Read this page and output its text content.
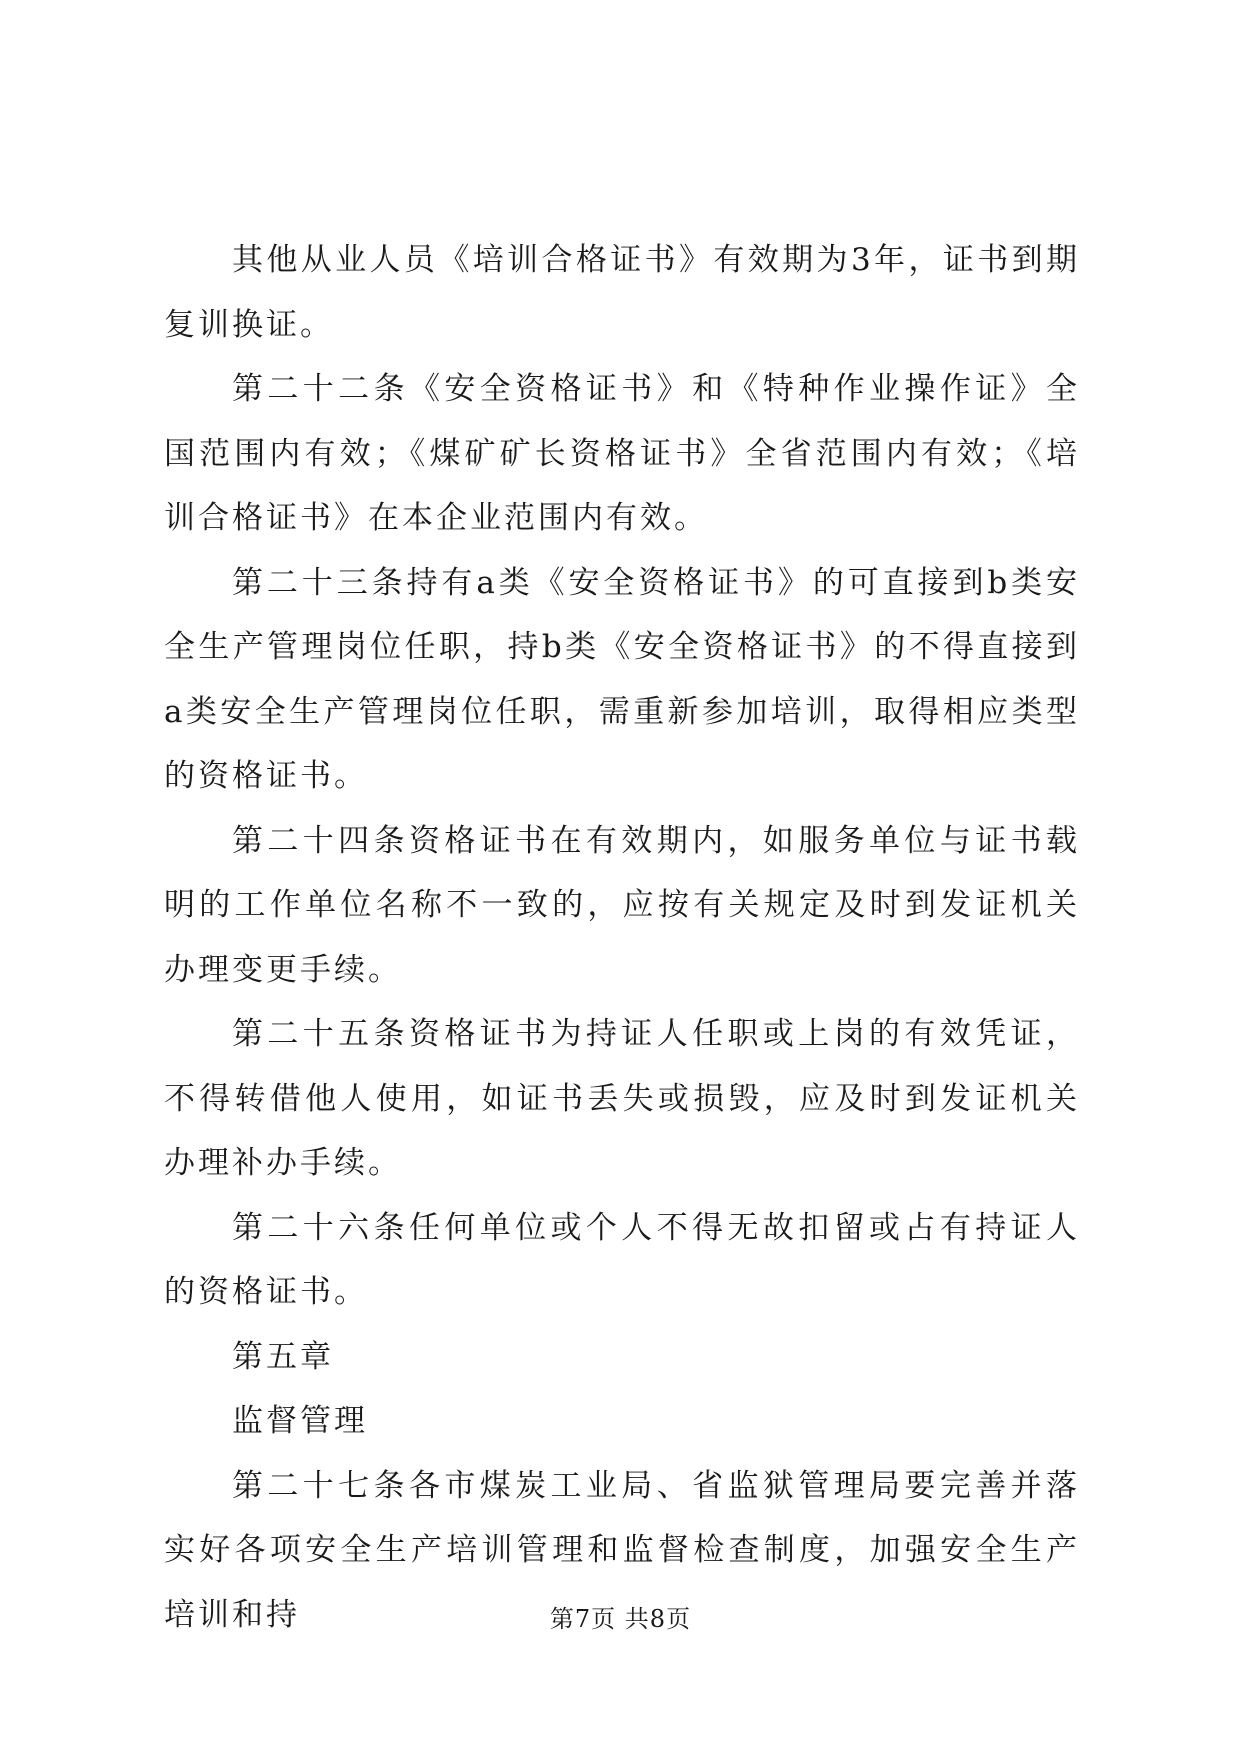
其他从业人员《培训合格证书》有效期为3年，证书到期复训换证。

第二十二条《安全资格证书》和《特种作业操作证》全国范围内有效；《煤矿矿长资格证书》全省范围内有效；《培训合格证书》在本企业范围内有效。

第二十三条持有a类《安全资格证书》的可直接到b类安全生产管理岗位任职，持b类《安全资格证书》的不得直接到a类安全生产管理岗位任职，需重新参加培训，取得相应类型的资格证书。

第二十四条资格证书在有效期内，如服务单位与证书载明的工作单位名称不一致的，应按有关规定及时到发证机关办理变更手续。

第二十五条资格证书为持证人任职或上岗的有效凭证，不得转借他人使用，如证书丢失或损毁，应及时到发证机关办理补办手续。

第二十六条任何单位或个人不得无故扣留或占有持证人的资格证书。

第五章

监督管理

第二十七条各市煤炭工业局、省监狱管理局要完善并落实好各项安全生产培训管理和监督检查制度，加强安全生产培训和持	第7页 共8页
